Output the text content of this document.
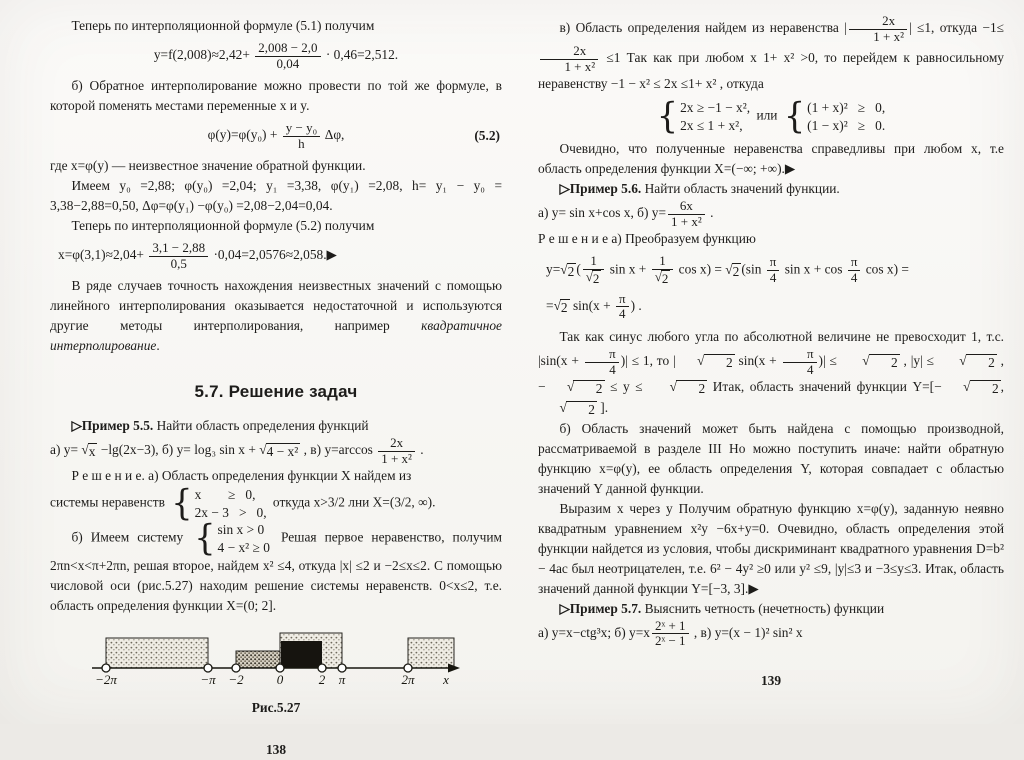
Теперь по интерполяционной формуле (5.1) получим
$y=f(2,008)\approx 2,42+ \frac{2,008 - 2,0}{0,04} \cdot 0,46=2,512$.
б) Обратное интерполирование можно провести по той же формуле, в которой поменять местами переменные x и y.
$\varphi(y)=\varphi(y_0) + \frac{\text{y − y₀}}{h} \Delta\varphi$,	(5.2)
где x=φ(y) — неизвестное значение обратной функции.
Имеем y₀ =2,88; φ(y₀) =2,04; y₁ =3,38, φ(y₁) =2,08, h= y₁ − y₀ = 3,38−2,88=0,50, Δφ=φ(y₁) −φ(y₀) =2,08−2,04=0,04.
Теперь по интерполяционной формуле (5.2) получим
$x=\varphi(3,1)\approx 2,04+ \frac{3,1 - 2,88}{0,5}$ ·0,04=2,0576≈2,058.▶
В ряде случаев точность нахождения неизвестных значений с помощью линейного интерполирования оказывается недостаточной и используются другие методы интерполирования, например квадратичное интерполирование.
5.7. Решение задач
▷Пример 5.5. Найти область определения функций
а) y= √ x −lg(2x−3), б) y= log₃ sin x + √ 4 − x² , в) $y=\arccos \frac{2x}{\text{1 + x²}}$ .
Р е ш е н и е. а) Область определения функции X найдем из
системы неравенств { x        ≥   0,
2x − 3   >   0,
откуда x>3/2 лни X=(3/2, ∞).
б) Имеем систему { sin x > 0
4 − x² ≥ 0
Решая первое неравенство, получим 2πn<x<π+2πn, решая второе, найдем x² ≤4, откуда |x| ≤2 и −2≤x≤2. С помощью числовой оси (рис.5.27) находим решение системы неравенств. 0<x≤2, т.е. область определения функции X=(0; 2].
−2π	−π −2	0	2 π	2π x
Рис.5.27
138
в) Область определения найдем из неравенства | $\frac{2x}{\text{1 + x²}}$ | ≤1, откуда −1≤
$\frac{2x}{\text{1 + x²}} \le 1$ Так как при любом x 1+ x² >0, то перейдем к равносильному неравенству −1 − x² ≤ 2x ≤1+ x² , откуда
{ 2x ≥ −1 − x²,
2x ≤ 1 + x²,
или { (1 + x)²   ≥   0,
(1 − x)²   ≥   0.
Очевидно, что полученные неравенства справедливы при любом x, т.е область определения функции X=(−∞; +∞).▶
▷Пример 5.6. Найти область значений функции.
а) y= sin x+cos x, б) $y= \frac{6x}{\text{1 + x²}}$ .
Р е ш е н и е а) Преобразуем функцию
y= √ 2 ( $\frac{1}{√ 2}$ $\sin x + \frac{1}{√ 2}$ cos x) = √ 2 ($\sin \frac{\pi}{4}$ $\sin x + \cos \frac{\pi}{4}$ cos x) =
= √ 2 $\sin(x + \frac{\pi}{4}$ ) .
Так как синус любого угла по абсолютной величине не превосходит 1, т.с. $|\sin(x + \frac{\pi}{4}$ )| ≤ 1, то |	√	2 $\sin(x + \frac{\pi}{4}$ )| ≤	√	2 , |y| ≤	√	2 , −	√	2 ≤ y ≤	√	2 Итак, область значений функции Y=[−	√	2 ,
√	2 ].
б) Область значений может быть найдена с помощью производной, рассматриваемой в разделе III Но можно поступить иначе: найти обратную функцию x=φ(y), ее область определения Y, которая совпадает с областью значений Y данной функции.
Выразим x через y Получим обратную функцию x=φ(y), заданную неявно квадратным уравнением x²y −6x+y=0. Очевидно, область определения этой функции найдется из условия, чтобы дискриминант квадратного уравнения D=b² − 4ac был неотрицателен, т.е. 6² − 4y² ≥0 или y² ≤9, |y|≤3 и −3≤y≤3. Итак, область значений данной функции Y=[−3, 3].▶
▷Пример 5.7. Выяснить четность (нечетность) функции
а) y=x−ctg³x; б) $y=x \frac{\text{2ˣ + 1}}{\text{2ˣ − 1}}$ , в) y=(x − 1)² sin² x
139
